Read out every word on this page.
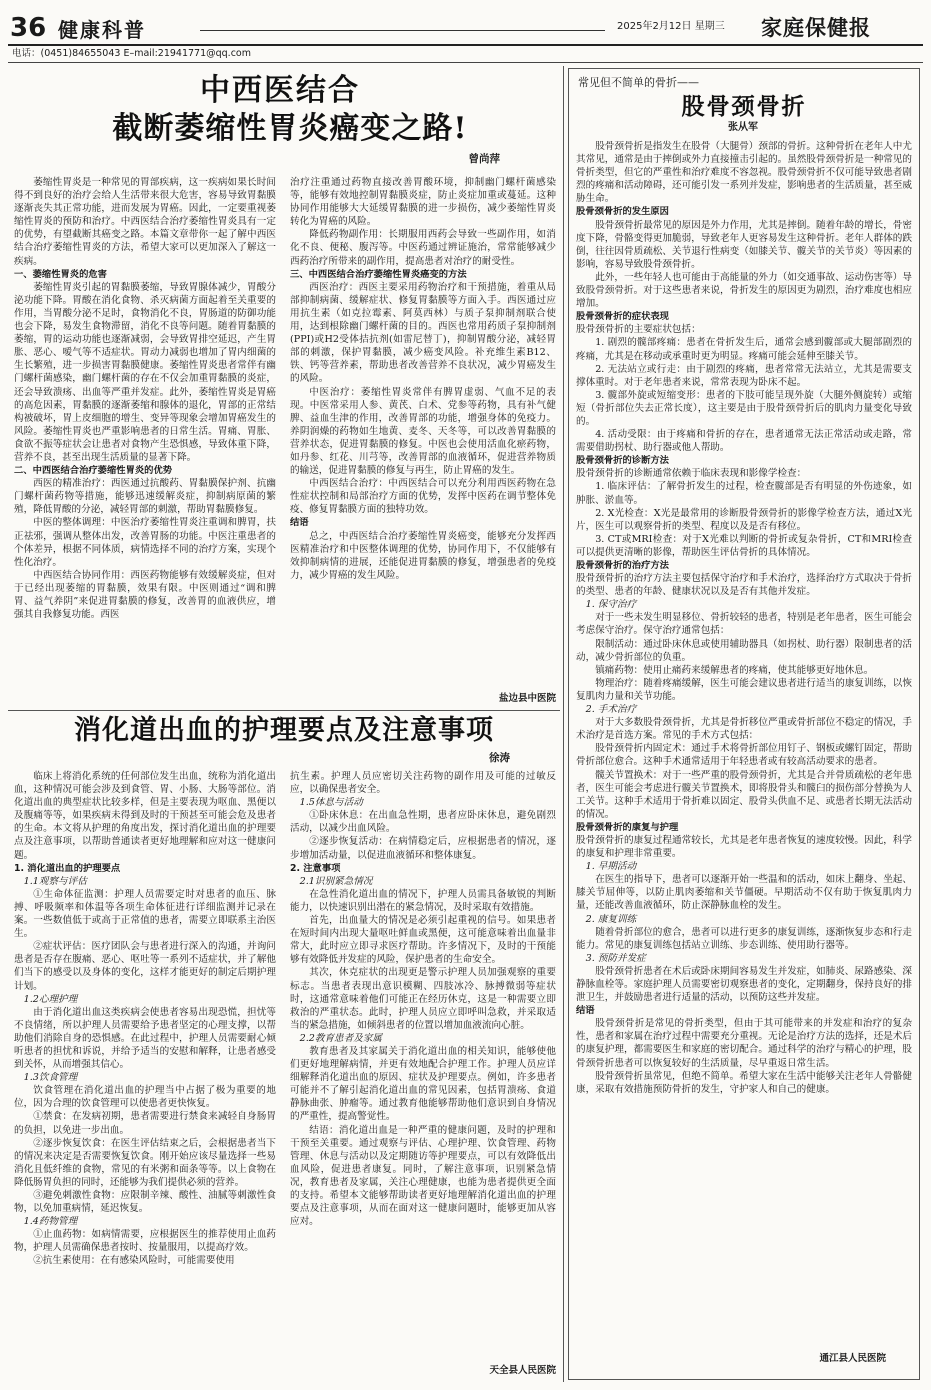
36 健康科普	2025年2月12日 星期三 家庭保健报
电话：(0451)84655043 E–mail:21941771@qq.com
中西医结合
截断萎缩性胃炎癌变之路!
曾尚萍

萎缩性胃炎是一种常见的胃部疾病，这一疾病如果长时间得不到良好的治疗会给人生活带来很大危害，容易导致胃黏膜逐渐丧失其正常功能，进而发展为胃癌。因此，一定要重视萎缩性胃炎的预防和治疗。中西医结合治疗萎缩性胃炎具有一定的优势，有望截断其癌变之路。本篇文章带你一起了解中西医结合治疗萎缩性胃炎的方法，希望大家可以更加深入了解这一疾病。

一、萎缩性胃炎的危害

萎缩性胃炎引起的胃黏膜萎缩，导致胃腺体减少，胃酸分泌功能下降。胃酸在消化食物、杀灭病菌方面起着至关重要的作用，当胃酸分泌不足时，食物消化不良，胃肠道的防御功能也会下降，易发生食物滞留，消化不良等问题。随着胃黏膜的萎缩，胃的运动功能也逐渐减弱，会导致胃排空延迟，产生胃胀、恶心、嗳气等不适症状。胃动力减弱也增加了胃内细菌的生长繁殖，进一步损害胃黏膜健康。萎缩性胃炎患者常伴有幽门螺杆菌感染，幽门螺杆菌的存在不仅会加重胃黏膜的炎症，还会导致溃疡、出血等严重并发症。此外，萎缩性胃炎是胃癌的高危因素，胃黏膜的逐渐萎缩和腺体的退化，胃部的正常结构被破坏，胃上皮细胞的增生、变异等现象会增加胃癌发生的风险。萎缩性胃炎也严重影响患者的日常生活。胃痛、胃胀、食欲不振等症状会让患者对食物产生恐惧感，导致体重下降，营养不良，甚至出现生活质量的显著下降。

二、中西医结合治疗萎缩性胃炎的优势

西医的精准治疗：西医通过抗酸药、胃黏膜保护剂、抗幽门螺杆菌药物等措施，能够迅速缓解炎症，抑制病原菌的繁殖，降低胃酸的分泌，减轻胃部的刺激，帮助胃黏膜修复。

中医的整体调理：中医治疗萎缩性胃炎注重调和脾胃，扶正祛邪，强调从整体出发，改善胃肠的功能。中医注重患者的个体差异，根据不同体质，病情选择不同的治疗方案，实现个性化治疗。

中西医结合协同作用：西医药物能够有效缓解炎症，但对于已经出现萎缩的胃黏膜，效果有限。中医则通过“调和脾胃、益气养阴”来促进胃黏膜的修复，改善胃的血液供应，增强其自我修复功能。西医

治疗注重通过药物直接改善胃酸环境，抑制幽门螺杆菌感染等，能够有效地控制胃黏膜炎症，防止炎症加重或蔓延。这种协同作用能够大大延缓胃黏膜的进一步损伤，减少萎缩性胃炎转化为胃癌的风险。

降低药物副作用：长期服用西药会导致一些副作用，如消化不良、便秘、腹泻等。中医药通过辨证施治，常常能够减少西药治疗所带来的副作用，提高患者对治疗的耐受性。

三、中西医结合治疗萎缩性胃炎癌变的方法

西医治疗：西医主要采用药物治疗和干预措施，着重从局部抑制病菌、缓解症状、修复胃黏膜等方面入手。西医通过应用抗生素（如克拉霉素、阿莫西林）与质子泵抑制剂联合使用，达到根除幽门螺杆菌的目的。西医也常用药质子泵抑制剂(PPI)或H2受体拮抗剂(如雷尼替丁)，抑制胃酸分泌，减轻胃部的刺激，保护胃黏膜，减少癌变风险。补充维生素B12、铁、钙等营养素，帮助患者改善营养不良状况，减少胃癌发生的风险。

中医治疗：萎缩性胃炎常伴有脾胃虚弱、气血不足的表现。中医常采用人参、黄芪、白术、党参等药物，具有补气健脾、益血生津的作用，改善胃部的功能，增强身体的免疫力。养阴润燥的药物如生地黄、麦冬、天冬等，可以改善胃黏膜的营养状态，促进胃黏膜的修复。中医也会使用活血化瘀药物，如丹参、红花、川芎等，改善胃部的血液循环，促进营养物质的输送，促进胃黏膜的修复与再生，防止胃癌的发生。

中西医结合治疗：中西医结合可以充分利用西医药物在急性症状控制和局部治疗方面的优势，发挥中医药在调节整体免疫、修复胃黏膜方面的独特功效。

结语

总之，中西医结合治疗萎缩性胃炎癌变，能够充分发挥西医精准治疗和中医整体调理的优势，协同作用下，不仅能够有效抑制病情的进展，还能促进胃黏膜的修复，增强患者的免疫力，减少胃癌的发生风险。

盐边县中医院
消化道出血的护理要点及注意事项
徐涛

临床上将消化系统的任何部位发生出血，统称为消化道出血，这种情况可能会涉及到食管、胃、小肠、大肠等部位。消化道出血的典型症状比较多样，但是主要表现为呕血、黑便以及腹痛等等，如果疾病未得到及时的干预甚至可能会危及患者的生命。本文将从护理的角度出发，探讨消化道出血的护理要点及注意事项，以帮助普通读者更好地理解和应对这一健康问题。

1. 消化道出血的护理要点

1.1观察与评估

①生命体征监测：护理人员需要定时对患者的血压、脉搏、呼吸频率和体温等各项生命体征进行详细监测并记录在案。一些数值低于或高于正常值的患者，需要立即联系主治医生。

②症状评估：医疗团队会与患者进行深入的沟通，并询问患者是否存在腹痛、恶心、呕吐等一系列不适症状，并了解他们当下的感受以及身体的变化，这样才能更好的制定后期护理计划。

1.2心理护理

由于消化道出血这类疾病会使患者容易出现恐慌，担忧等不良情绪，所以护理人员需要给予患者坚定的心理支撑，以帮助他们消除自身的恐惧感。在此过程中，护理人员需要耐心倾听患者的担忧和诉说，并给予适当的安慰和解释，让患者感受到关怀，从而增强其信心。

1.3饮食管理

饮食管理在消化道出血的护理当中占据了极为重要的地位，因为合理的饮食管理可以使患者更快恢复。

①禁食：在发病初期，患者需要进行禁食来减轻自身肠胃的负担，以免进一步出血。

②逐步恢复饮食：在医生评估结束之后，会根据患者当下的情况来决定是否需要恢复饮食。刚开始应该尽量选择一些易消化且低纤维的食物，常见的有米粥和面条等等。以上食物在降低肠胃负担的同时，还能够为我们提供必须的营养。

③避免刺激性食物：应限制辛辣、酸性、油腻等刺激性食物，以免加重病情，延迟恢复。

1.4药物管理

①止血药物：如病情需要，应根据医生的推荐使用止血药物，护理人员需确保患者按时、按量服用，以提高疗效。

②抗生素使用：在有感染风险时，可能需要使用

抗生素。护理人员应密切关注药物的副作用及可能的过敏反应，以确保患者安全。

1.5体息与活动

①卧床休息：在出血急性期，患者应卧床休息，避免剧烈活动，以减少出血风险。

②逐步恢复活动：在病情稳定后，应根据患者的情况，逐步增加活动量，以促进血液循环和整体康复。

2. 注意事项

2.1识别紧急情况

在急性消化道出血的情况下，护理人员需具备敏锐的判断能力，以快速识别出潜在的紧急情况，及时采取有效措施。

首先，出血量大的情况是必须引起重视的信号。如果患者在短时间内出现大量呕吐鲜血或黑便，这可能意味着出血量非常大，此时应立即寻求医疗帮助。许多情况下，及时的干预能够有效降低并发症的风险，保护患者的生命安全。

其次，休克症状的出现更是警示护理人员加强观察的重要标志。当患者表现出意识模糊、四肢冰冷、脉搏微弱等症状时，这通常意味着他们可能正在经历休克，这是一种需要立即救治的严重状态。此时，护理人员应立即呼叫急救，并采取适当的紧急措施，如倾斜患者的位置以增加血液流向心脏。

2.2教育患者及家属

教育患者及其家属关于消化道出血的相关知识，能够使他们更好地理解病情，并更有效地配合护理工作。护理人员应详细解释消化道出血的原因、症状及护理要点。例如，许多患者可能并不了解引起消化道出血的常见因素，包括胃溃疡、食道静脉曲张、肿瘤等。通过教育他能够帮助他们意识到自身情况的严重性，提高警觉性。

结语：消化道出血是一种严重的健康问题，及时的护理和干预至关重要。通过观察与评估、心理护理、饮食管理、药物管理、休息与活动以及定期随访等护理要点，可以有效降低出血风险，促进患者康复。同时，了解注意事项，识别紧急情况，教育患者及家属，关注心理健康，也能为患者提供更全面的支持。希望本文能够帮助读者更好地理解消化道出血的护理要点及注意事项，从而在面对这一健康问题时，能够更加从容应对。

天全县人民医院
常见但不简单的骨折——
股骨颈骨折
张从军

股骨颈骨折是指发生在股骨（大腿骨）颈部的骨折。这种骨折在老年人中尤其常见，通常是由于摔倒或外力直接撞击引起的。虽然股骨颈骨折是一种常见的骨折类型，但它的严重性和治疗难度不容忽视。股骨颈骨折不仅可能导致患者剧烈的疼痛和活动障碍，还可能引发一系列并发症，影响患者的生活质量，甚至威胁生命。

股骨颈骨折的发生原因

股骨颈骨折最常见的原因是外力作用，尤其是摔倒。随着年龄的增长，骨密度下降，骨骼变得更加脆弱，导致老年人更容易发生这种骨折。老年人群体的跌倒，往往因骨质疏松、关节退行性病变（如膝关节、髋关节的关节炎）等因素的影响，容易导致股骨颈骨折。

此外，一些年轻人也可能由于高能量的外力（如交通事故、运动伤害等）导致股骨颈骨折。对于这些患者来说，骨折发生的原因更为剧烈，治疗难度也相应增加。

股骨颈骨折的症状表现

股骨颈骨折的主要症状包括：

1. 剧烈的髋部疼痛：患者在骨折发生后，通常会感到髋部或大腿部剧烈的疼痛，尤其是在移动或承重时更为明显。疼痛可能会延伸至膝关节。

2. 无法站立或行走：由于剧烈的疼痛，患者常常无法站立，尤其是需要支撑体重时。对于老年患者来说，常常表现为卧床不起。

3. 髋部外旋或短缩变形：患者的下肢可能呈现外旋（大腿外侧旋转）或缩短（骨折部位失去正常长度），这主要是由于股骨颈骨折后的肌肉力量变化导致的。

4. 活动受限：由于疼痛和骨折的存在，患者通常无法正常活动或走路，常需要借助拐杖、助行器或他人帮助。

股骨颈骨折的诊断方法

股骨颈骨折的诊断通常依赖于临床表现和影像学检查：

1. 临床评估：了解骨折发生的过程，检查髋部是否有明显的外伤迹象，如肿胀、淤血等。

2. X光检查：X光是最常用的诊断股骨颈骨折的影像学检查方法，通过X光片，医生可以观察骨折的类型、程度以及是否有移位。

3. CT或MRI检查：对于X光难以判断的骨折或复杂骨折，CT和MRI检查可以提供更清晰的影像，帮助医生评估骨折的具体情况。

股骨颈骨折的治疗方法

股骨颈骨折的治疗方法主要包括保守治疗和手术治疗，选择治疗方式取决于骨折的类型、患者的年龄、健康状况以及是否有其他并发症。

1. 保守治疗

对于一些未发生明显移位、骨折较轻的患者，特别是老年患者，医生可能会考虑保守治疗。保守治疗通常包括：

限制活动：通过卧床休息或使用辅助器具（如拐杖、助行器）限制患者的活动，减少骨折部位的负重。

镇痛药物：使用止痛药来缓解患者的疼痛，使其能够更好地休息。

物理治疗：随着疼痛缓解，医生可能会建议患者进行适当的康复训练，以恢复肌肉力量和关节功能。

2. 手术治疗

对于大多数股骨颈骨折，尤其是骨折移位严重或骨折部位不稳定的情况，手术治疗是首选方案。常见的手术方式包括：

股骨颈骨折内固定术：通过手术将骨折部位用钉子、钢板或螺钉固定，帮助骨折部位愈合。这种手术通常适用于年轻患者或有较高活动要求的患者。

髋关节置换术：对于一些严重的股骨颈骨折，尤其是合并骨质疏松的老年患者，医生可能会考虑进行髋关节置换术，即将股骨头和髋臼的损伤部分替换为人工关节。这种手术适用于骨折难以固定、股骨头供血不足、或患者长期无法活动的情况。

股骨颈骨折的康复与护理

股骨颈骨折的康复过程通常较长，尤其是老年患者恢复的速度较慢。因此，科学的康复和护理非常重要。

1. 早期活动

在医生的指导下，患者可以逐渐开始一些温和的活动，如床上翻身、坐起、膝关节屈伸等，以防止肌肉萎缩和关节僵硬。早期活动不仅有助于恢复肌肉力量，还能改善血液循环，防止深静脉血栓的发生。

2. 康复训练

随着骨折部位的愈合，患者可以进行更多的康复训练，逐渐恢复步态和行走能力。常见的康复训练包括站立训练、步态训练、使用助行器等。

3. 预防并发症

股骨颈骨折患者在术后或卧床期间容易发生并发症，如肺炎、尿路感染、深静脉血栓等。家庭护理人员需要密切观察患者的变化，定期翻身，保持良好的排泄卫生，并鼓励患者进行适量的活动，以预防这些并发症。

结语

股骨颈骨折是常见的骨折类型，但由于其可能带来的并发症和治疗的复杂性，患者和家属在治疗过程中需要充分重视。无论是治疗方法的选择，还是术后的康复护理，都需要医生和家庭的密切配合。通过科学的治疗与精心的护理，股骨颈骨折患者可以恢复较好的生活质量，尽早重返日常生活。

股骨颈骨折虽常见，但绝不简单。希望大家在生活中能够关注老年人骨骼健康，采取有效措施预防骨折的发生，守护家人和自己的健康。

通江县人民医院
